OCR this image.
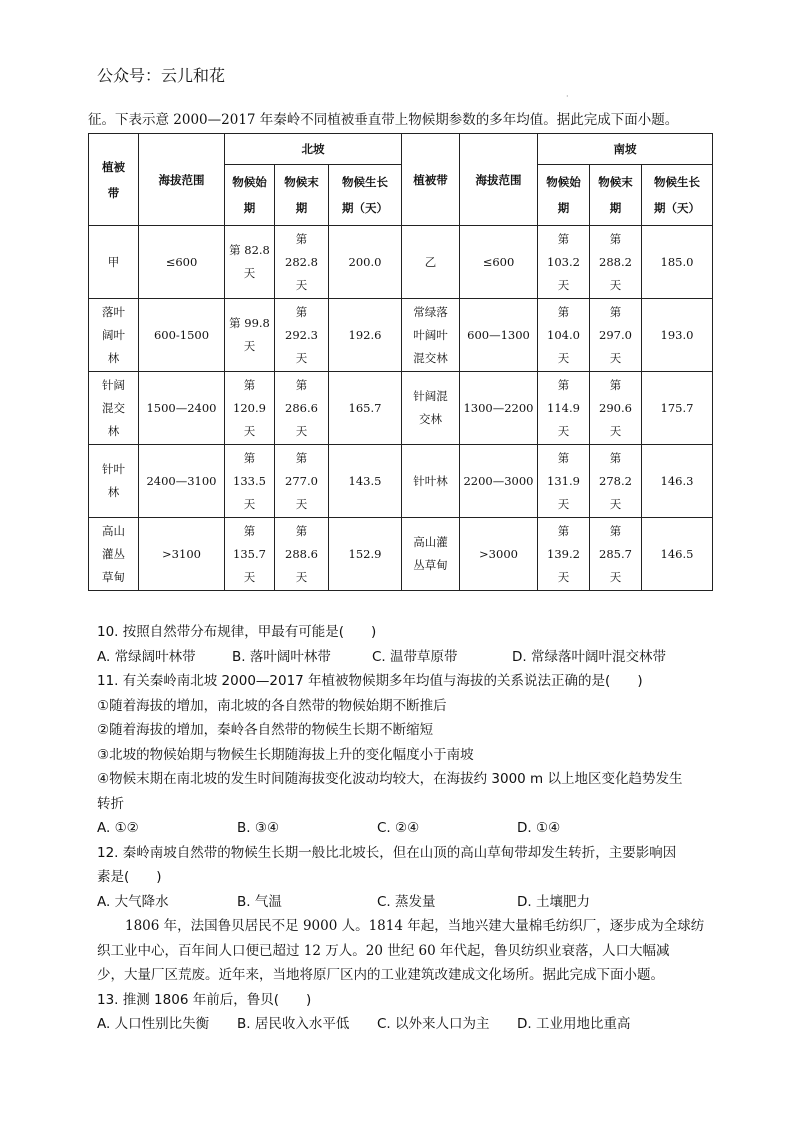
公众号：云儿和花
·
征。下表示意 2000—2017 年秦岭不同植被垂直带上物候期参数的多年均值。据此完成下面小题。
植被
带	海拔范围	北坡			植被带	海拔范围	南坡		
		物候始
期	物候末
期	物候生长
期（天）			物候始
期	物候末
期	物候生长
期（天）
甲	≤600	第 82.8
天	第
282.8
天	200.0	乙	≤600	第
103.2
天	第
288.2
天	185.0
落叶
阔叶
林	600-1500	第 99.8
天	第
292.3
天	192.6	常绿落
叶阔叶
混交林	600—1300	第
104.0
天	第
297.0
天	193.0
针阔
混交
林	1500—2400	第
120.9
天	第
286.6
天	165.7	针阔混
交林	1300—2200	第
114.9
天	第
290.6
天	175.7
针叶
林	2400—3100	第
133.5
天	第
277.0
天	143.5	针叶林	2200—3000	第
131.9
天	第
278.2
天	146.3
高山
灌丛
草甸	>3100	第
135.7
天	第
288.6
天	152.9	高山灌
丛草甸	>3000	第
139.2
天	第
285.7
天	146.5
10. 按照自然带分布规律，甲最有可能是(　　)
A. 常绿阔叶林带	B. 落叶阔叶林带	C. 温带草原带	D. 常绿落叶阔叶混交林带
11. 有关秦岭南北坡 2000—2017 年植被物候期多年均值与海拔的关系说法正确的是(　　)
①随着海拔的增加，南北坡的各自然带的物候始期不断推后
②随着海拔的增加，秦岭各自然带的物候生长期不断缩短
③北坡的物候始期与物候生长期随海拔上升的变化幅度小于南坡
④物候末期在南北坡的发生时间随海拔变化波动均较大，在海拔约 3000 m 以上地区变化趋势发生
转折
A. ①②	B. ③④	C. ②④	D. ①④
12. 秦岭南坡自然带的物候生长期一般比北坡长，但在山顶的高山草甸带却发生转折，主要影响因
素是(　　)
A. 大气降水	B. 气温	C. 蒸发量	D. 土壤肥力
1806 年，法国鲁贝居民不足 9000 人。1814 年起，当地兴建大量棉毛纺织厂，逐步成为全球纺
织工业中心，百年间人口便已超过 12 万人。20 世纪 60 年代起，鲁贝纺织业衰落，人口大幅减
少，大量厂区荒废。近年来，当地将原厂区内的工业建筑改建成文化场所。据此完成下面小题。
13. 推测 1806 年前后，鲁贝(　　)
A. 人口性别比失衡	B. 居民收入水平低	C. 以外来人口为主	D. 工业用地比重高
